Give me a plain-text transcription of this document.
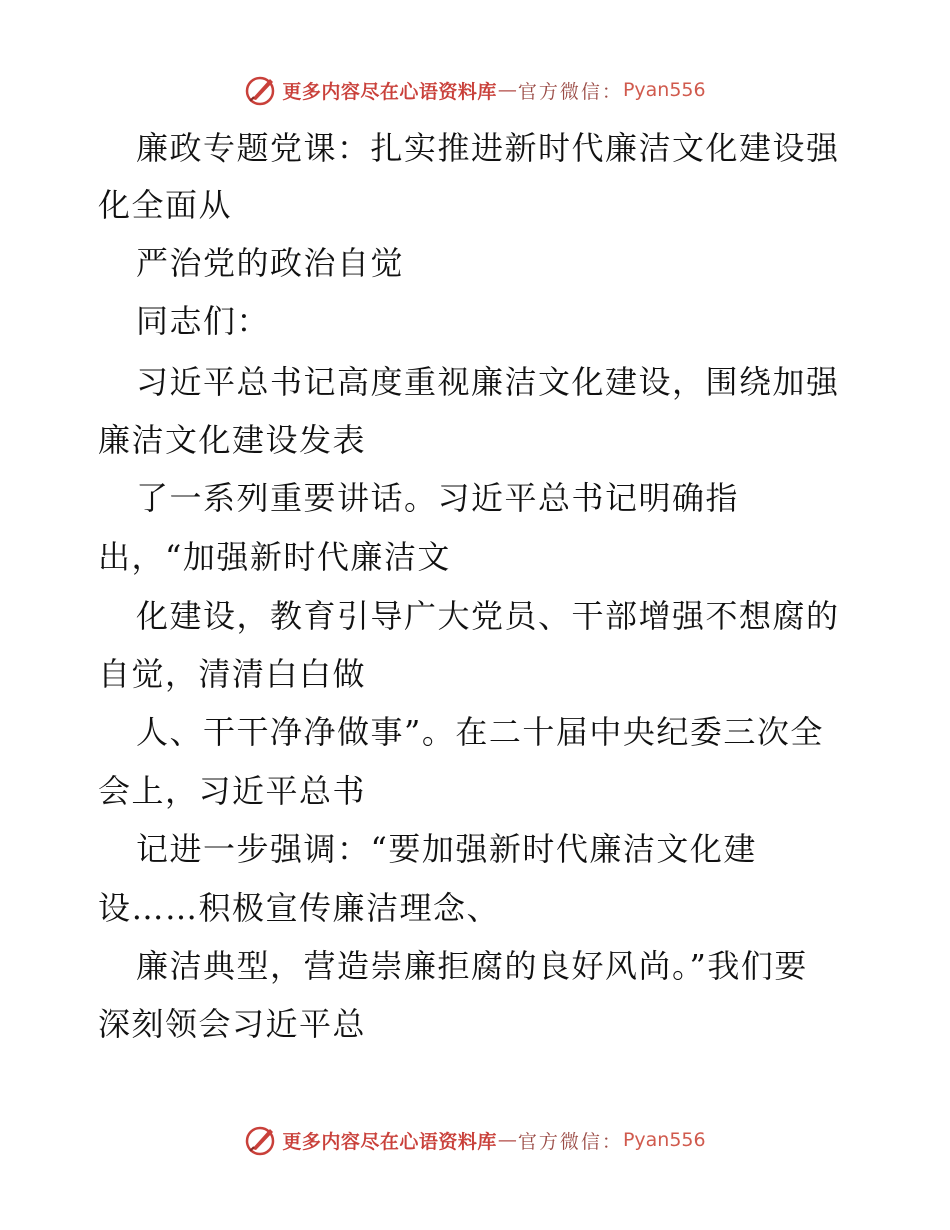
更多内容尽在心语资料库 — 官方微信： Pyan556
廉政专题党课：扎实推进新时代廉洁文化建设强
化全面从
严治党的政治自觉
同志们：
习近平总书记高度重视廉洁文化建设，围绕加强
廉洁文化建设发表
了一系列重要讲话。习近平总书记明确指
出，“加强新时代廉洁文
化建设，教育引导广大党员、干部增强不想腐的
自觉，清清白白做
人、干干净净做事”。在二十届中央纪委三次全
会上，习近平总书
记进一步强调：“要加强新时代廉洁文化建
设……积极宣传廉洁理念、
廉洁典型，营造崇廉拒腐的良好风尚。”我们要
深刻领会习近平总
更多内容尽在心语资料库 — 官方微信： Pyan556
